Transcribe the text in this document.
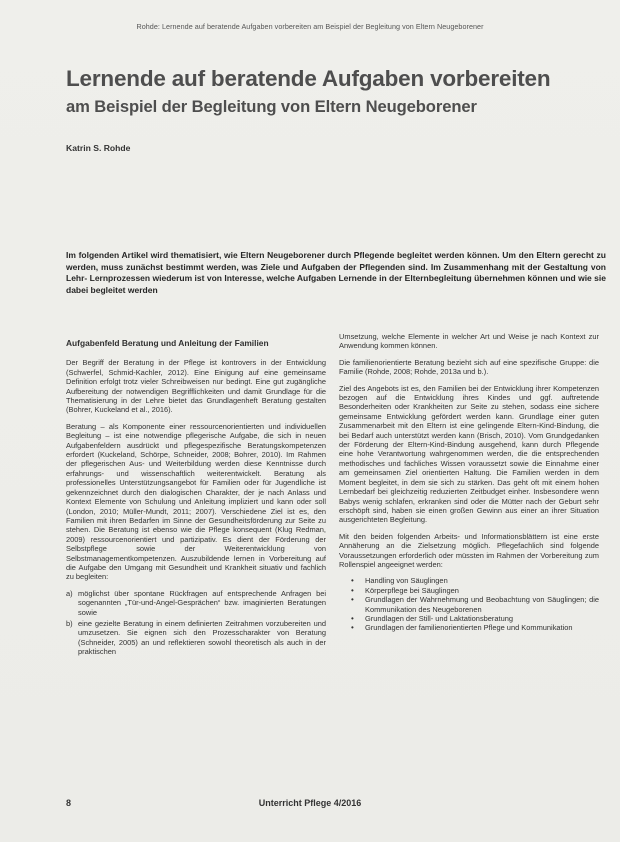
Rohde: Lernende auf beratende Aufgaben vorbereiten am Beispiel der Begleitung von Eltern Neugeborener
Lernende auf beratende Aufgaben vorbereiten
am Beispiel der Begleitung von Eltern Neugeborener
Katrin S. Rohde

Im folgenden Artikel wird thematisiert, wie Eltern Neugeborener durch Pflegende begleitet werden können. Um den Eltern gerecht zu werden, muss zunächst bestimmt werden, was Ziele und Aufgaben der Pflegenden sind. Im Zusammenhang mit der Gestaltung von Lehr- Lernprozessen wiederum ist von Interesse, welche Aufgaben Lernende in der Elternbegleitung übernehmen können und wie sie dabei begleitet werden

Aufgabenfeld Beratung und Anleitung der Familien

Der Begriff der Beratung in der Pflege ist kontrovers in der Entwicklung (Schwerfel, Schmid-Kachler, 2012). Eine Einigung auf eine gemeinsame Definition erfolgt trotz vieler Schreibweisen nur bedingt. Eine gut zugängliche Aufbereitung der notwendigen Begrifflichkeiten und damit Grundlage für die Thematisierung in der Lehre bietet das Grundlagenheft Beratung gestalten (Bohrer, Kuckeland et al., 2016).

Beratung – als Komponente einer ressourcenorientierten und individuellen Begleitung – ist eine notwendige pflegerische Aufgabe, die sich in neuen Aufgabenfeldern ausdrückt und pflegespezifische Beratungskompetenzen erfordert (Kuckeland, Schörpe, Schneider, 2008; Bohrer, 2010). Im Rahmen der pflegerischen Aus- und Weiterbildung werden diese Kenntnisse durch erfahrungs- und wissenschaftlich weiterentwickelt. Beratung als professionelles Unterstützungsangebot für Familien oder für Jugendliche ist gekennzeichnet durch den dialogischen Charakter, der je nach Anlass und Kontext Elemente von Schulung und Anleitung impliziert und kann oder soll (London, 2010; Müller-Mundt, 2011; 2007). Verschiedene Ziel ist es, den Familien mit ihren Bedarfen im Sinne der Gesundheitsförderung zur Seite zu stehen. Die Beratung ist ebenso wie die Pflege konsequent (Klug Redman, 2009) ressourcenorientiert und partizipativ. Es dient der Förderung der Selbstpflege sowie der Weiterentwicklung von Selbstmanagementkompetenzen. Auszubildende lernen in Vorbereitung auf die Aufgabe den Umgang mit Gesundheit und Krankheit situativ und fachlich zu begleiten:

a) möglichst über spontane Rückfragen auf entsprechende Anfragen bei sogenannten „Tür-und-Angel-Gesprächen“ bzw. imaginierten Beratungen sowie
b) eine gezielte Beratung in einem definierten Zeitrahmen vorzubereiten und umzusetzen. Sie eignen sich den Prozesscharakter von Beratung (Schneider, 2005) an und reflektieren sowohl theoretisch als auch in der praktischen

Umsetzung, welche Elemente in welcher Art und Weise je nach Kontext zur Anwendung kommen können.

Die familienorientierte Beratung bezieht sich auf eine spezifische Gruppe: die Familie (Rohde, 2008; Rohde, 2013a und b.).

Ziel des Angebots ist es, den Familien bei der Entwicklung ihrer Kompetenzen bezogen auf die Entwicklung ihres Kindes und ggf. auftretende Besonderheiten oder Krankheiten zur Seite zu stehen, sodass eine sichere gemeinsame Entwicklung gefördert werden kann. Grundlage einer guten Zusammenarbeit mit den Eltern ist eine gelingende Eltern-Kind-Bindung, die bei Bedarf auch unterstützt werden kann (Brisch, 2010). Vom Grundgedanken der Förderung der Eltern-Kind-Bindung ausgehend, kann durch Pflegende eine hohe Verantwortung wahrgenommen werden, die die entsprechenden methodisches und fachliches Wissen voraussetzt sowie die Einnahme einer am gemeinsamen Ziel orientierten Haltung. Die Familien werden in dem Moment begleitet, in dem sie sich zu stärken. Das geht oft mit einem hohen Lernbedarf bei gleichzeitig reduzierten Zeitbudget einher. Insbesondere wenn Babys wenig schlafen, erkranken sind oder die Mütter nach der Geburt sehr erschöpft sind, haben sie einen großen Gewinn aus einer an ihrer Situation ausgerichteten Begleitung.

Mit den beiden folgenden Arbeits- und Informationsblättern ist eine erste Annäherung an die Zielsetzung möglich. Pflegefachlich sind folgende Voraussetzungen erforderlich oder müssten im Rahmen der Vorbereitung zum Rollenspiel angeeignet werden:

• Handling von Säuglingen
• Körperpflege bei Säuglingen
• Grundlagen der Wahrnehmung und Beobachtung von Säuglingen; die Kommunikation des Neugeborenen
• Grundlagen der Still- und Laktationsberatung
• Grundlagen der familienorientierten Pflege und Kommunikation
8	Unterricht Pflege 4/2016
